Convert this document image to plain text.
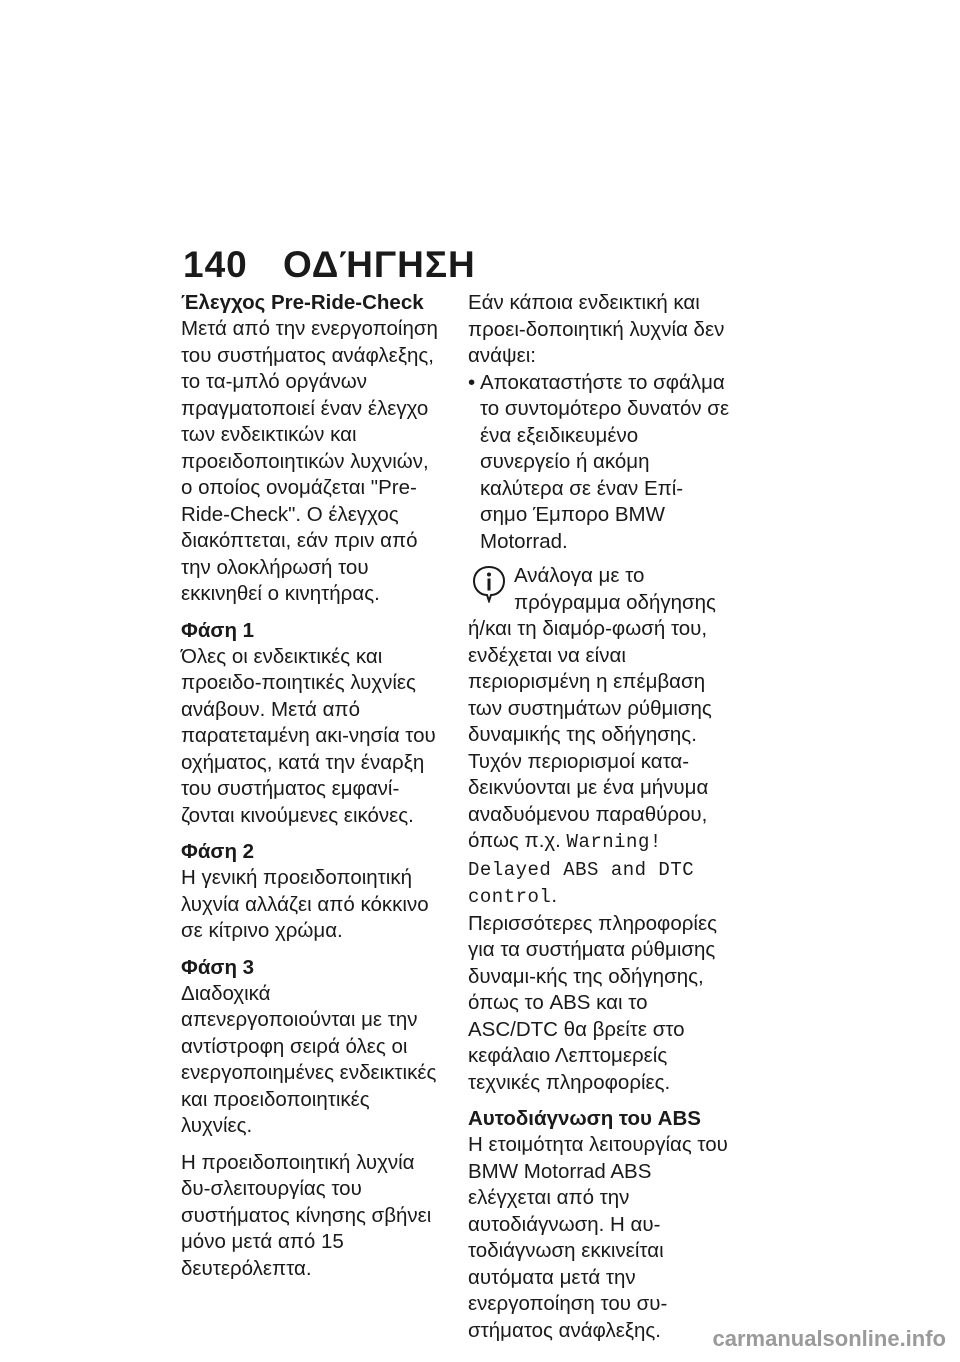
140 ΟΔΉΓΗΣΗ
Έλεγχος Pre-Ride-Check

Μετά από την ενεργοποίηση του συστήματος ανάφλεξης, το τα-μπλό οργάνων πραγματοποιεί έναν έλεγχο των ενδεικτικών και προειδοποιητικών λυχνιών, ο οποίος ονομάζεται "Pre-Ride-Check". Ο έλεγχος διακόπτεται, εάν πριν από την ολοκλήρωσή του εκκινηθεί ο κινητήρας.

Φάση 1

Όλες οι ενδεικτικές και προειδο-ποιητικές λυχνίες ανάβουν. Μετά από παρατεταμένη ακι-νησία του οχήματος, κατά την έναρξη του συστήματος εμφανί-ζονται κινούμενες εικόνες.

Φάση 2

Η γενική προειδοποιητική λυχνία αλλάζει από κόκκινο σε κίτρινο χρώμα.

Φάση 3

Διαδοχικά απενεργοποιούνται με την αντίστροφη σειρά όλες οι ενεργοποιημένες ενδεικτικές και προειδοποιητικές λυχνίες.

Η προειδοποιητική λυχνία δυ-σλειτουργίας του συστήματος κίνησης σβήνει μόνο μετά από 15 δευτερόλεπτα.

Εάν κάποια ενδεικτική και προει-δοποιητική λυχνία δεν ανάψει:

• Αποκαταστήστε το σφάλμα το συντομότερο δυνατόν σε ένα εξειδικευμένο συνεργείο ή ακόμη καλύτερα σε έναν Επί-σημο Έμπορο BMW Motorrad.
Ανάλογα με το πρόγραμμα οδήγησης ή/και τη διαμόρ-φωσή του, ενδέχεται να είναι περιορισμένη η επέμβαση των συστημάτων ρύθμισης δυναμικής της οδήγησης.

Τυχόν περιορισμοί κατα-δεικνύονται με ένα μήνυμα αναδυόμενου παραθύρου, όπως π.χ. Warning! Delayed ABS and DTC control.

Περισσότερες πληροφορίες για τα συστήματα ρύθμισης δυναμι-κής της οδήγησης, όπως το ABS και το ASC/DTC θα βρείτε στο κεφάλαιο Λεπτομερείς τεχνικές πληροφορίες.

Αυτοδιάγνωση του ABS

Η ετοιμότητα λειτουργίας του BMW Motorrad ABS ελέγχεται από την αυτοδιάγνωση. Η αυ-τοδιάγνωση εκκινείται αυτόματα μετά την ενεργοποίηση του συ-στήματος ανάφλεξης.	carmanualsonline.info
